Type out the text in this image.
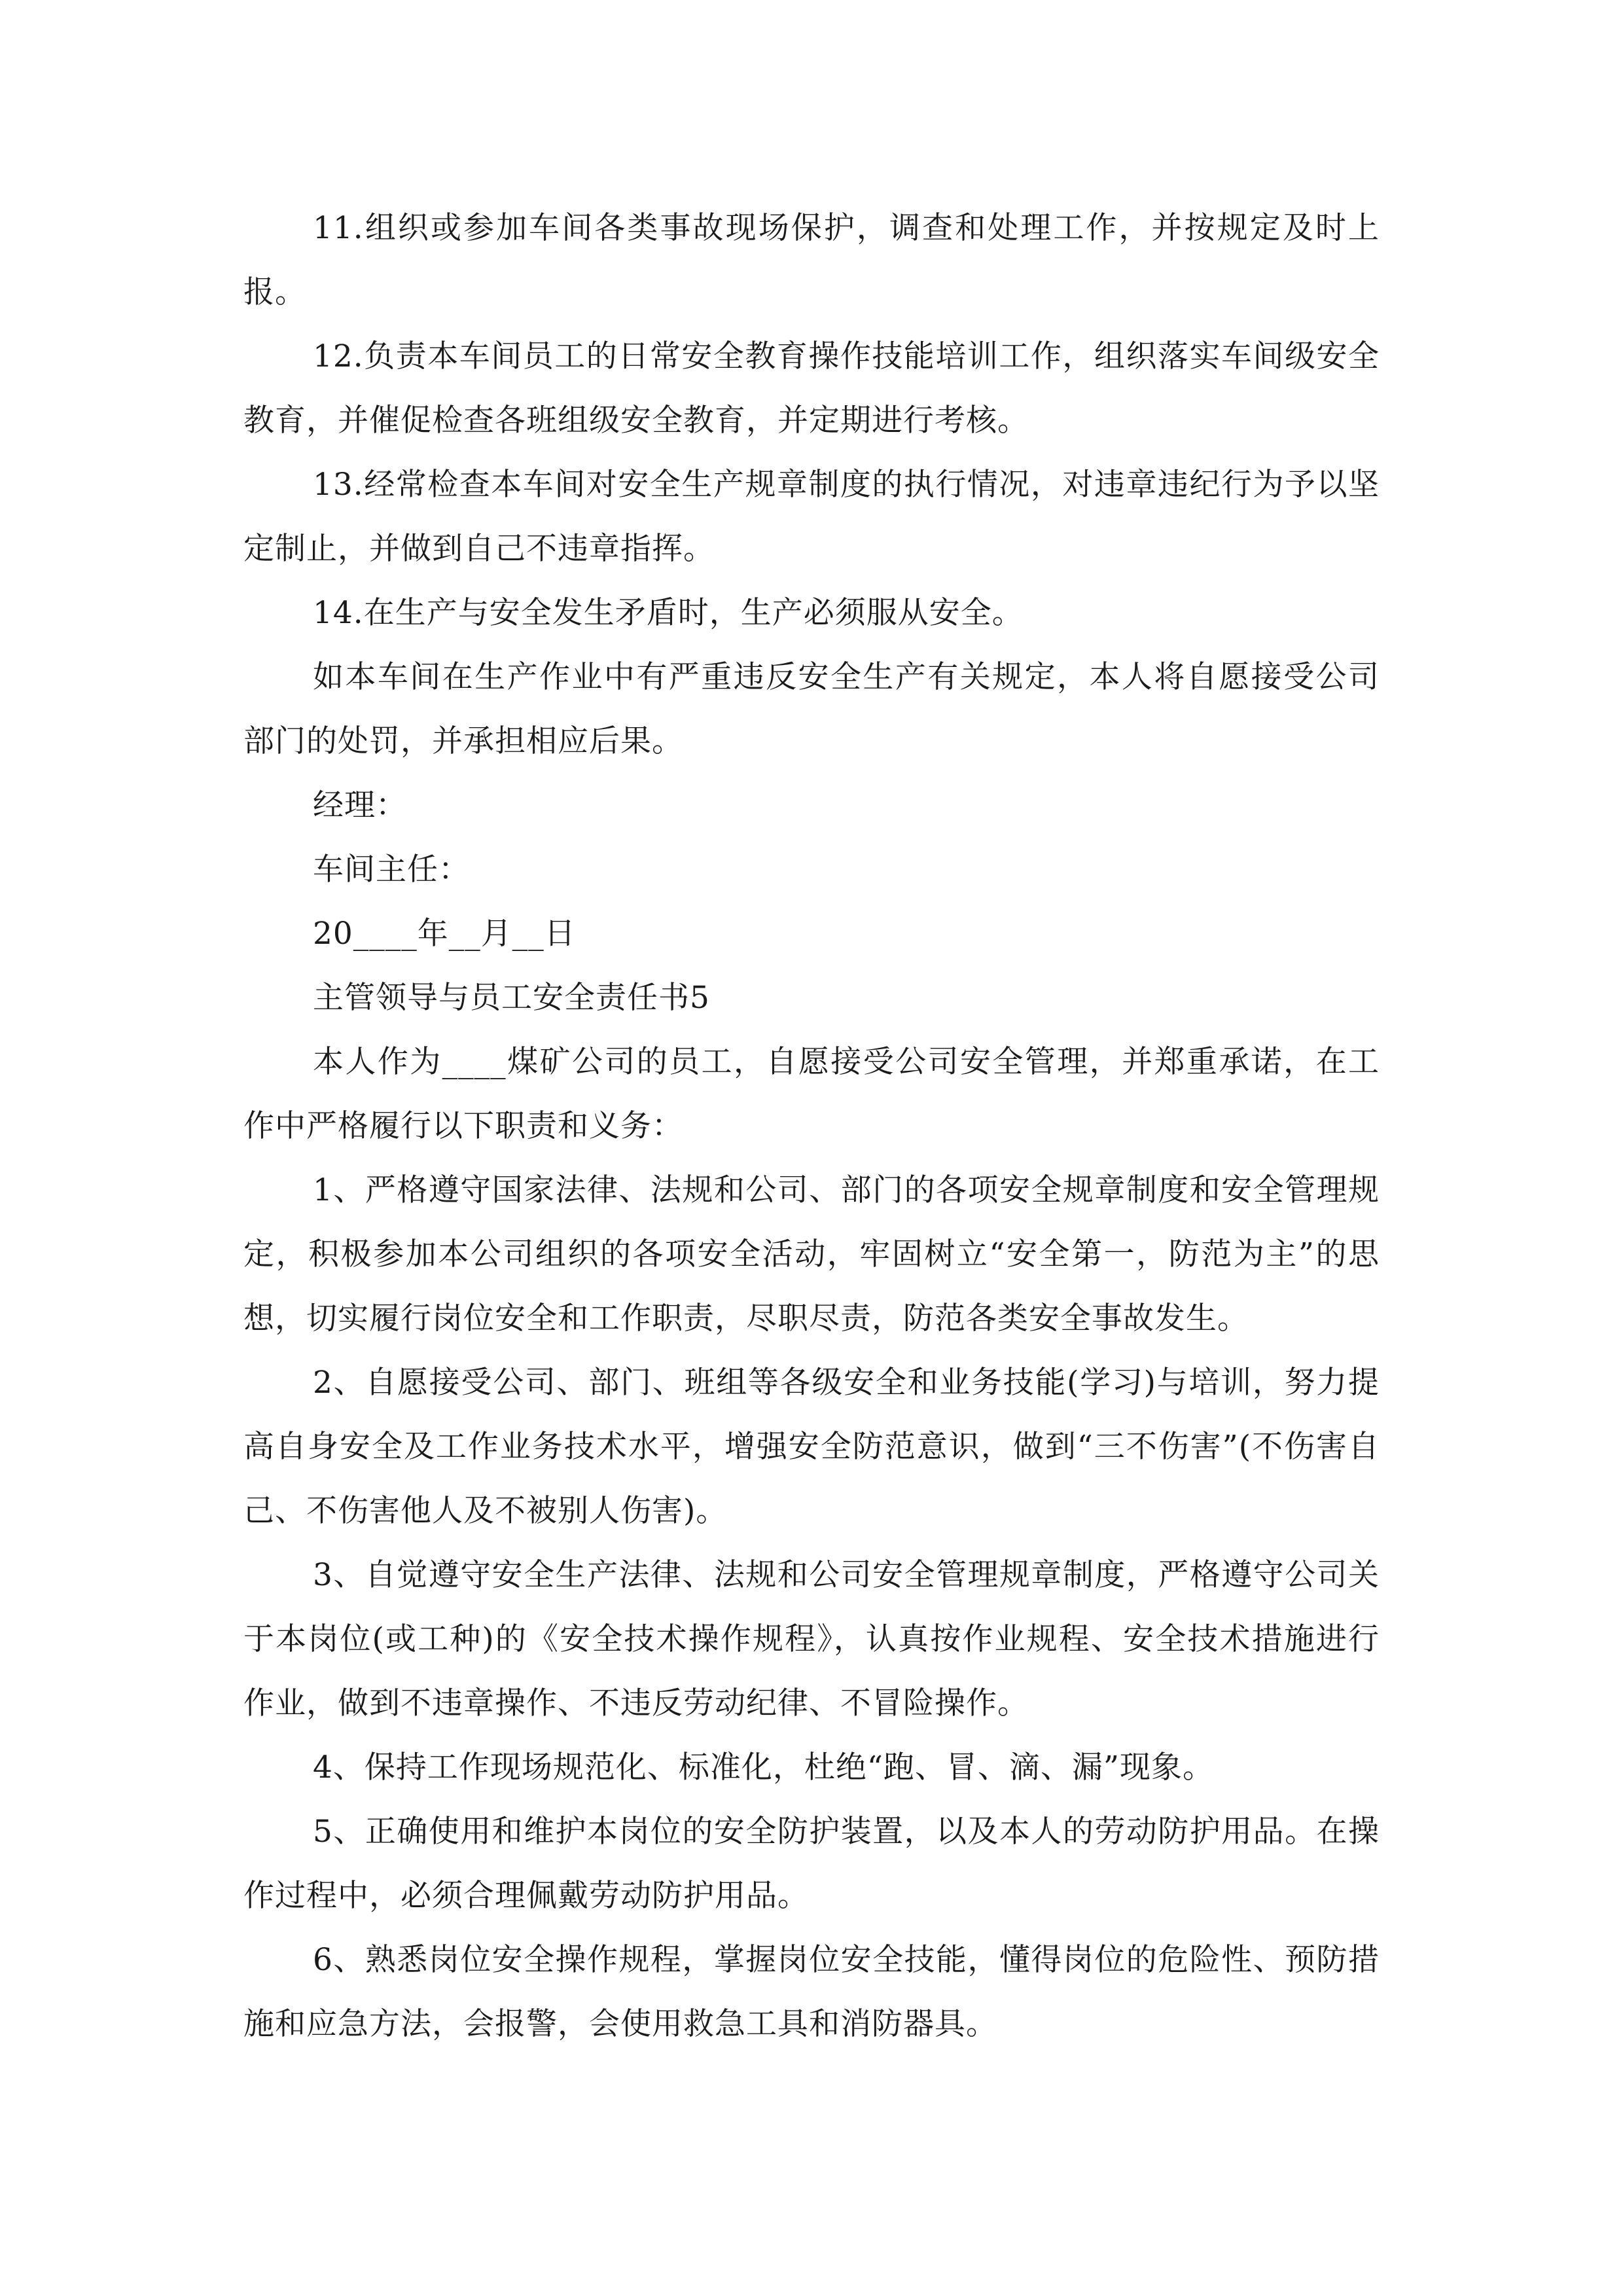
11.组织或参加车间各类事故现场保护，调查和处理工作，并按规定及时上报。

12.负责本车间员工的日常安全教育操作技能培训工作，组织落实车间级安全教育，并催促检查各班组级安全教育，并定期进行考核。

13.经常检查本车间对安全生产规章制度的执行情况，对违章违纪行为予以坚定制止，并做到自己不违章指挥。

14.在生产与安全发生矛盾时，生产必须服从安全。

如本车间在生产作业中有严重违反安全生产有关规定，本人将自愿接受公司部门的处罚，并承担相应后果。

经理：

车间主任：

20____年__月__日

主管领导与员工安全责任书5

本人作为____煤矿公司的员工，自愿接受公司安全管理，并郑重承诺，在工作中严格履行以下职责和义务：

1、严格遵守国家法律、法规和公司、部门的各项安全规章制度和安全管理规定，积极参加本公司组织的各项安全活动，牢固树立“安全第一，防范为主”的思想，切实履行岗位安全和工作职责，尽职尽责，防范各类安全事故发生。

2、自愿接受公司、部门、班组等各级安全和业务技能(学习)与培训，努力提高自身安全及工作业务技术水平，增强安全防范意识，做到“三不伤害”(不伤害自己、不伤害他人及不被别人伤害)。

3、自觉遵守安全生产法律、法规和公司安全管理规章制度，严格遵守公司关于本岗位(或工种)的《安全技术操作规程》，认真按作业规程、安全技术措施进行作业，做到不违章操作、不违反劳动纪律、不冒险操作。

4、保持工作现场规范化、标准化，杜绝“跑、冒、滴、漏”现象。

5、正确使用和维护本岗位的安全防护装置，以及本人的劳动防护用品。在操作过程中，必须合理佩戴劳动防护用品。

6、熟悉岗位安全操作规程，掌握岗位安全技能，懂得岗位的危险性、预防措施和应急方法，会报警，会使用救急工具和消防器具。
